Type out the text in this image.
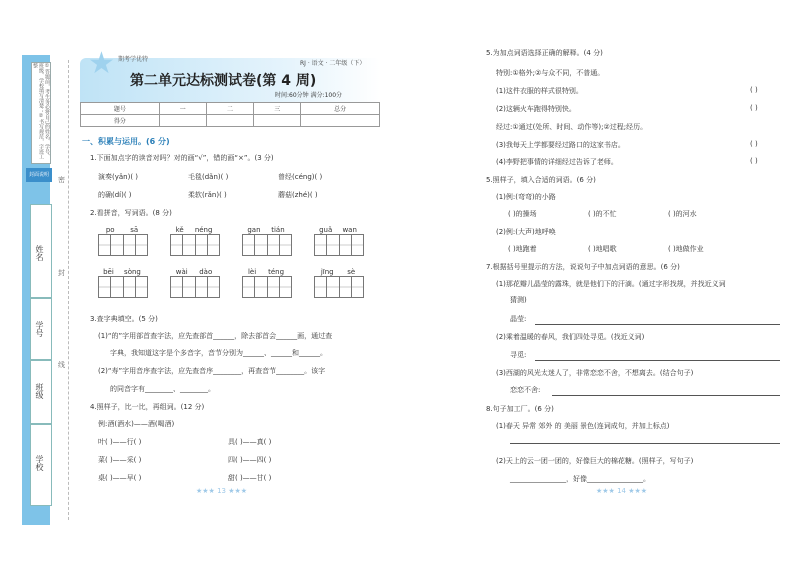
①答题前，考生务必将自己的姓名、学号、班级、学校填写清楚；②书写规范，字迹工整
封面说明
姓名
学号
班级
学校
密
封
线
★ 期考学优特
第二单元达标测试卷(第 4 周)
RJ · 语文 · 二年级（下）
时间:60分钟 满分:100分
题号	一	二	三	总分
得分				
一、积累与运用。(6 分)
1.下面加点字的读音对吗？对的画“√”，错的画“×”。(3 分)
演奏(yǎn)( )	毛毯(dǎn)( )	曾经(céng)( )
的确(dí)( )	柔软(rǎn)( )	蘑菇(zhé)( )
2.看拼音，写词语。(8 分)
po sā	kě néng	gan tián	guǎ wan
bēi sòng	wài dào	lèi téng	jīng sè
3.查字典填空。(5 分)
(1)“的”字用部首查字法，应先查部首______，除去部首会______画，通过查
字典，我知道这字是个多音字，音节分别为______、______和______。
(2)“寿”字用音序查字法，应先查音序________，再查音节________。该字
的同音字有________、________。
4.照样子，比一比，再组词。(12 分)
例:酒(酒水)——酒(喝酒)
叶( )——行( )	具( )——真( )
菜( )——采( )	四( )——四( )
桌( )——早( )	甜( )——甘( )
★★★ 13 ★★★
5.为加点词语选择正确的解释。(4 分)
特别:①格外;②与众不同，不普通。
(1)这件衣服的样式很特别。	( )
(2)这辆火车跑得特别快。	( )
经过:①通过(处所、时间、动作等);②过程;经历。
(3)我每天上学都要经过路口的这家书店。	( )
(4)李野把事情的详细经过告诉了老师。	( )
5.照样子，填入合适的词语。(6 分)
(1)例:(弯弯)的小路
( )的操场	( )的不忙	( )的河水
(2)例:(大声)地呼唤
( )地跑着	( )地唱歌	( )地做作业
7.根据括号里提示的方法，说说句子中加点词语的意思。(6 分)
(1)那花瓣儿晶莹的露珠，就是他们下的汗滴。(通过字形找规，并找近义词
猜测)
晶莹:
(2)乘着温暖的春风，我们四处寻觅。(找近义词)
寻觅:
(3)西湖的风光太迷人了，非常恋恋不舍，不想离去。(结合句子)
恋恋不舍:
8.句子加工厂。(6 分)
(1)春天 异常 郊外 的 美丽 景色(连词成句，并加上标点)
(2)天上的云一团一团的，好像巨大的棉花糖。(照样子，写句子)
________________，好像________________。
★★★ 14 ★★★
